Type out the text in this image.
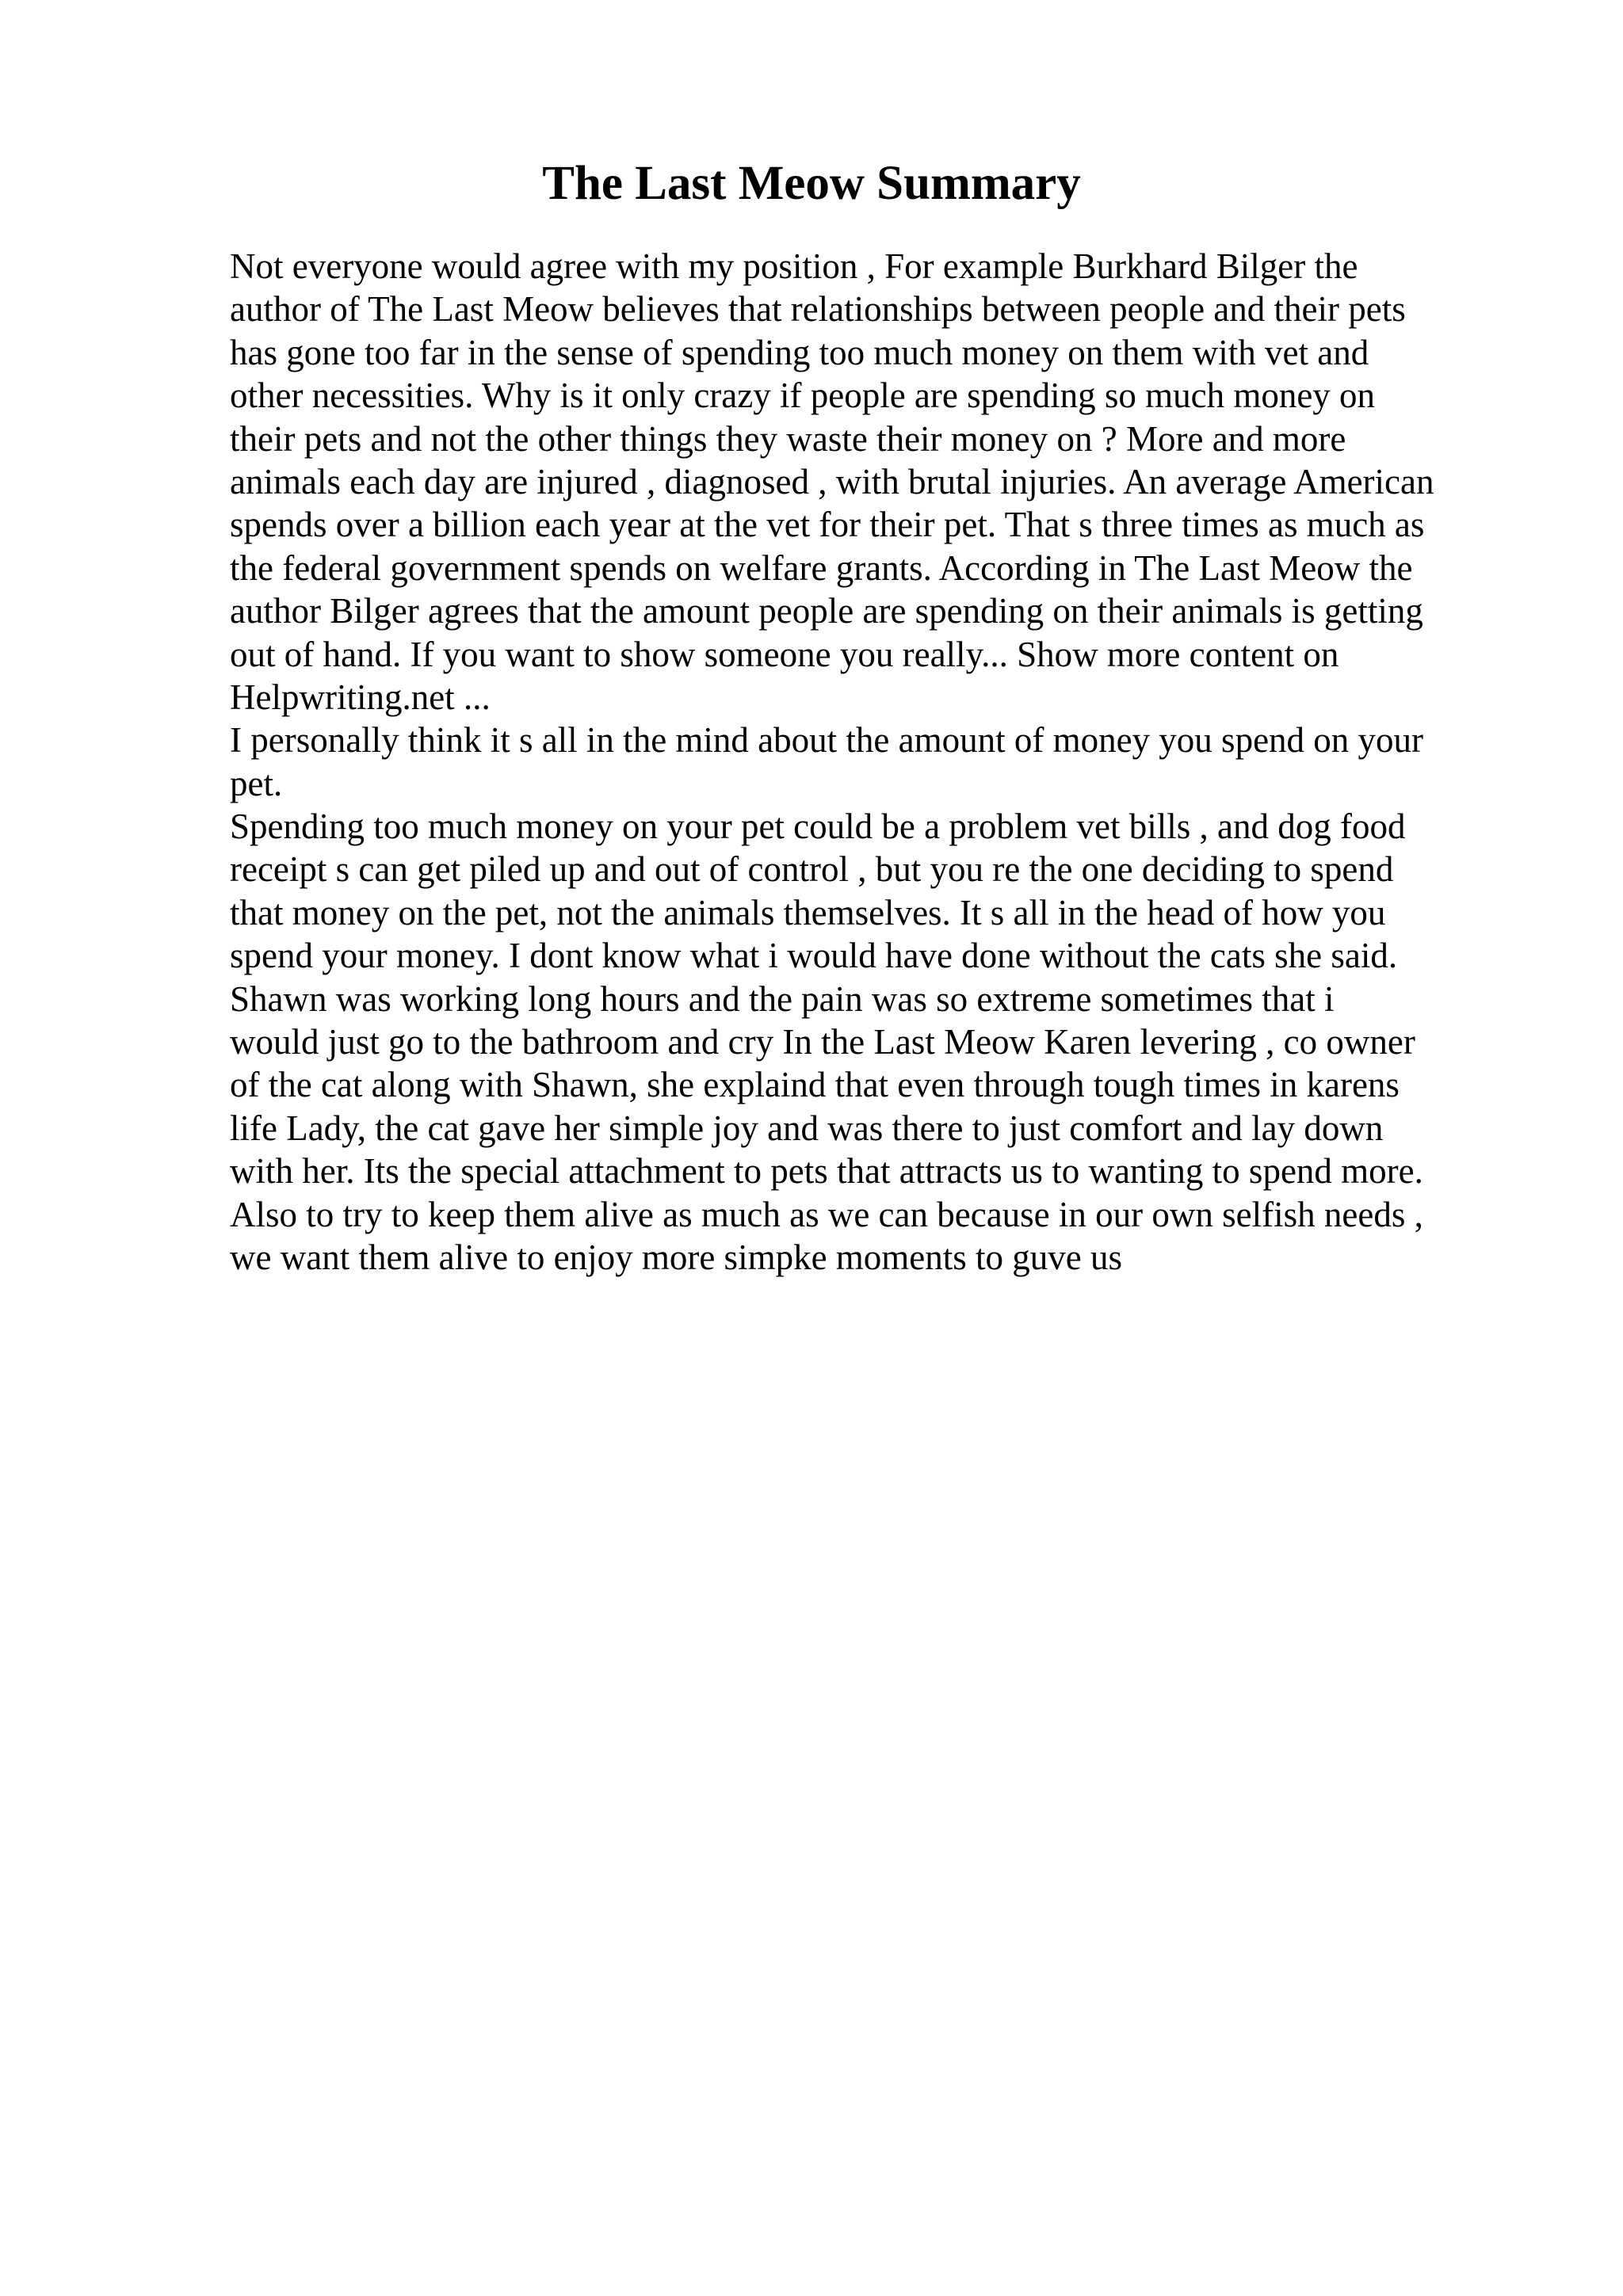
The Last Meow Summary
Not everyone would agree with my position , For example Burkhard Bilger the
author of The Last Meow believes that relationships between people and their pets
has gone too far in the sense of spending too much money on them with vet and
other necessities. Why is it only crazy if people are spending so much money on
their pets and not the other things they waste their money on ? More and more
animals each day are injured , diagnosed , with brutal injuries. An average American
spends over a billion each year at the vet for their pet. That s three times as much as
the federal government spends on welfare grants. According in The Last Meow the
author Bilger agrees that the amount people are spending on their animals is getting
out of hand. If you want to show someone you really... Show more content on
Helpwriting.net ...
I personally think it s all in the mind about the amount of money you spend on your
pet.
Spending too much money on your pet could be a problem vet bills , and dog food
receipt s can get piled up and out of control , but you re the one deciding to spend
that money on the pet, not the animals themselves. It s all in the head of how you
spend your money. I dont know what i would have done without the cats she said.
Shawn was working long hours and the pain was so extreme sometimes that i
would just go to the bathroom and cry In the Last Meow Karen levering , co owner
of the cat along with Shawn, she explaind that even through tough times in karens
life Lady, the cat gave her simple joy and was there to just comfort and lay down
with her. Its the special attachment to pets that attracts us to wanting to spend more.
Also to try to keep them alive as much as we can because in our own selfish needs ,
we want them alive to enjoy more simpke moments to guve us
